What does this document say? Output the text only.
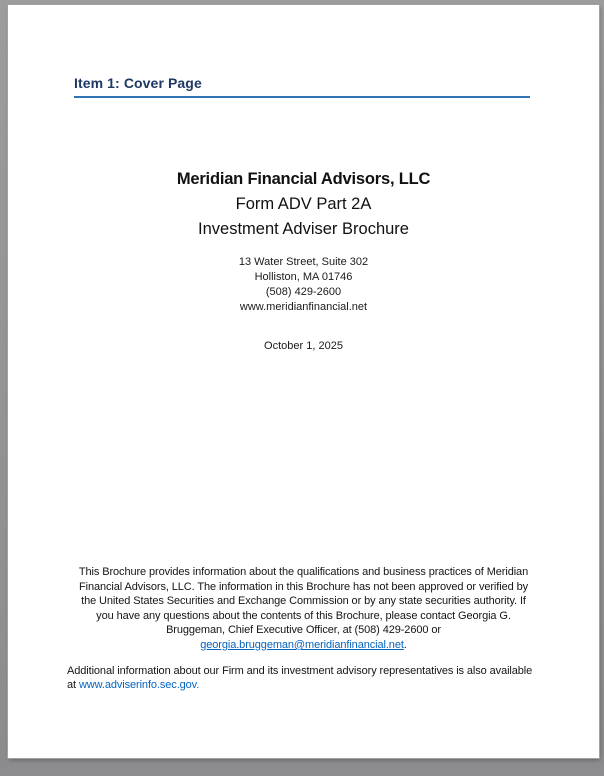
Item 1: Cover Page
Meridian Financial Advisors, LLC
Form ADV Part 2A
Investment Adviser Brochure
13 Water Street, Suite 302
Holliston, MA 01746
(508) 429-2600
www.meridianfinancial.net
October 1, 2025
This Brochure provides information about the qualifications and business practices of Meridian
Financial Advisors, LLC. The information in this Brochure has not been approved or verified by
the United States Securities and Exchange Commission or by any state securities authority. If
you have any questions about the contents of this Brochure, please contact Georgia G.
Bruggeman, Chief Executive Officer, at (508) 429-2600 or
georgia.bruggeman@meridianfinancial.net.
Additional information about our Firm and its investment advisory representatives is also available
at www.adviserinfo.sec.gov.
